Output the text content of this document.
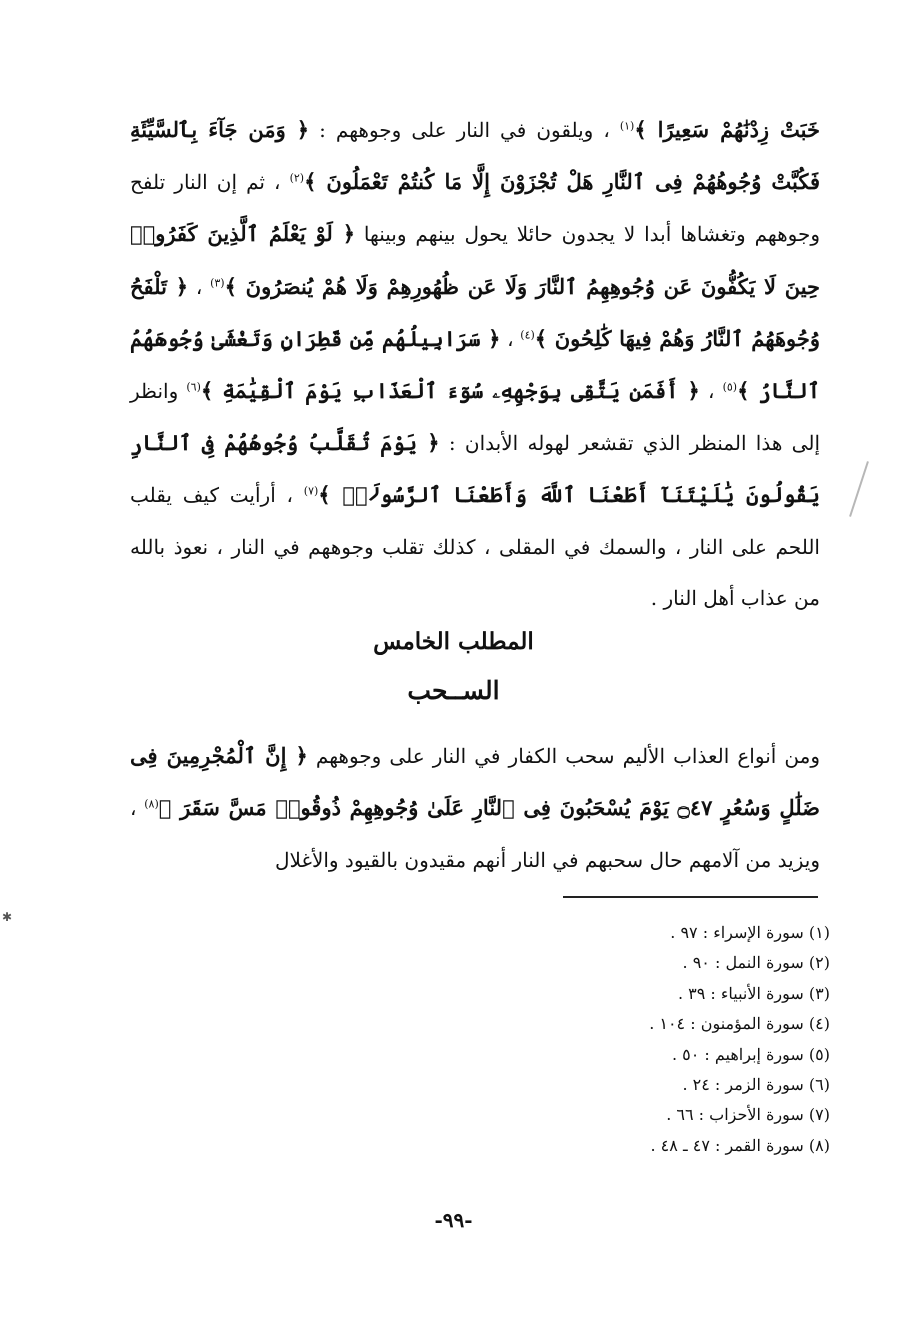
خَبَتْ زِدْنَٰهُمْ سَعِيرًا ﴾$^{(١)}$ ، ويلقون في النار على وجوههم : ﴿ وَمَن جَآءَ بِٱلسَّيِّئَةِ فَكُبَّتْ وُجُوهُهُمْ فِى ٱلنَّارِ هَلْ تُجْزَوْنَ إِلَّا مَا كُنتُمْ تَعْمَلُونَ ﴾$^{(٢)}$ ، ثم إن النار تلفح وجوههم وتغشاها أبدا لا يجدون حائلا يحول بينهم وبينها ﴿ لَوْ يَعْلَمُ ٱلَّذِينَ كَفَرُوا۟ حِينَ لَا يَكُفُّونَ عَن وُجُوهِهِمُ ٱلنَّارَ وَلَا عَن ظُهُورِهِمْ وَلَا هُمْ يُنصَرُونَ ﴾$^{(٣)}$ ، ﴿ تَلْفَحُ وُجُوهَهُمُ ٱلنَّارُ وَهُمْ فِيهَا كَٰلِحُونَ ﴾$^{(٤)}$ ، ﴿ سَرَابِيلُهُم مِّن قَطِرَانٍ وَتَغْشَىٰ وُجُوهَهُمُ ٱلنَّارُ ﴾$^{(٥)}$ ، ﴿ أَفَمَن يَتَّقِى بِوَجْهِهِۦ سُوٓءَ ٱلْعَذَابِ يَوْمَ ٱلْقِيَٰمَةِ ﴾$^{(٦)}$ وانظر إلى هذا المنظر الذي تقشعر لهوله الأبدان : ﴿ يَوْمَ تُقَلَّبُ وُجُوهُهُمْ فِى ٱلنَّارِ يَقُولُونَ يَٰلَيْتَنَآ أَطَعْنَا ٱللَّهَ وَأَطَعْنَا ٱلرَّسُولَا۠ ﴾$^{(٧)}$ ، أرأيت كيف يقلب اللحم على النار ، والسمك في المقلى ، كذلك تقلب وجوههم في النار ، نعوذ بالله من عذاب أهل النار .
المطلب الخامس
الســحب
ومن أنواع العذاب الأليم سحب الكفار في النار على وجوههم ﴿ إِنَّ ٱلْمُجْرِمِينَ فِى ضَلَٰلٍ وَسُعُرٍ ۝٤٧ يَوْمَ يُسْحَبُونَ فِى ٱلنَّارِ عَلَىٰ وُجُوهِهِمْ ذُوقُوا۟ مَسَّ سَقَرَ ﴾$^{(٨)}$ ، ويزيد من آلامهم حال سحبهم في النار أنهم مقيدون بالقيود والأغلال
(١) سورة الإسراء : ٩٧ .
(٢) سورة النمل : ٩٠ .
(٣) سورة الأنبياء : ٣٩ .
(٤) سورة المؤمنون : ١٠٤ .
(٥) سورة إبراهيم : ٥٠ .
(٦) سورة الزمر : ٢٤ .
(٧) سورة الأحزاب : ٦٦ .
(٨) سورة القمر : ٤٧ ـ ٤٨ .
-٩٩-
✱
